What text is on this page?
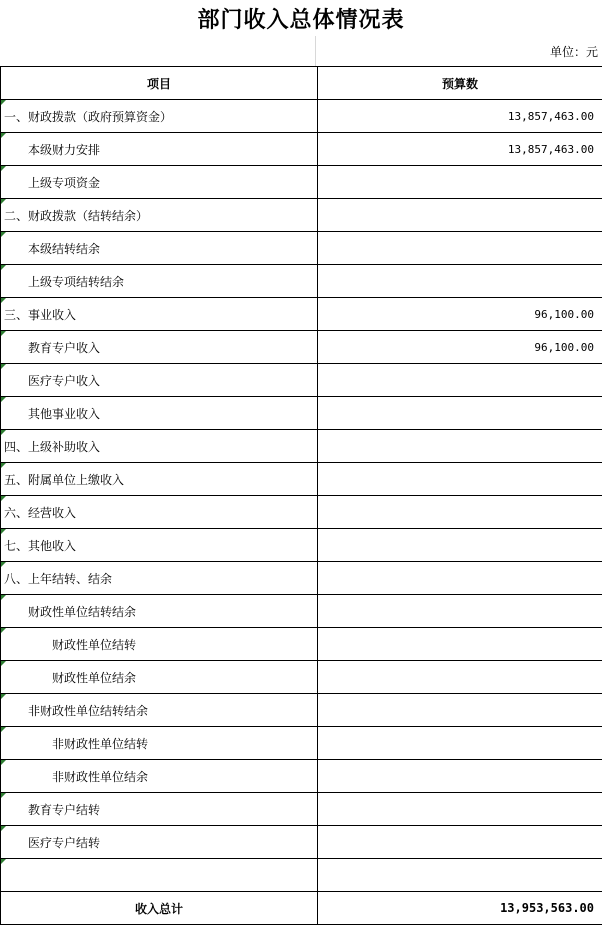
部门收入总体情况表
单位：元
项目	预算数
一、财政拨款（政府预算资金）	13,857,463.00
本级财力安排	13,857,463.00
上级专项资金

二、财政拨款（结转结余）

本级结转结余

上级专项结转结余

三、事业收入	96,100.00
教育专户收入	96,100.00
医疗专户收入

其他事业收入

四、上级补助收入

五、附属单位上缴收入

六、经营收入

七、其他收入

八、上年结转、结余

财政性单位结转结余

财政性单位结转

财政性单位结余

非财政性单位结转结余

非财政性单位结转

非财政性单位结余

教育专户结转

医疗专户结转

收入总计	13,953,563.00
